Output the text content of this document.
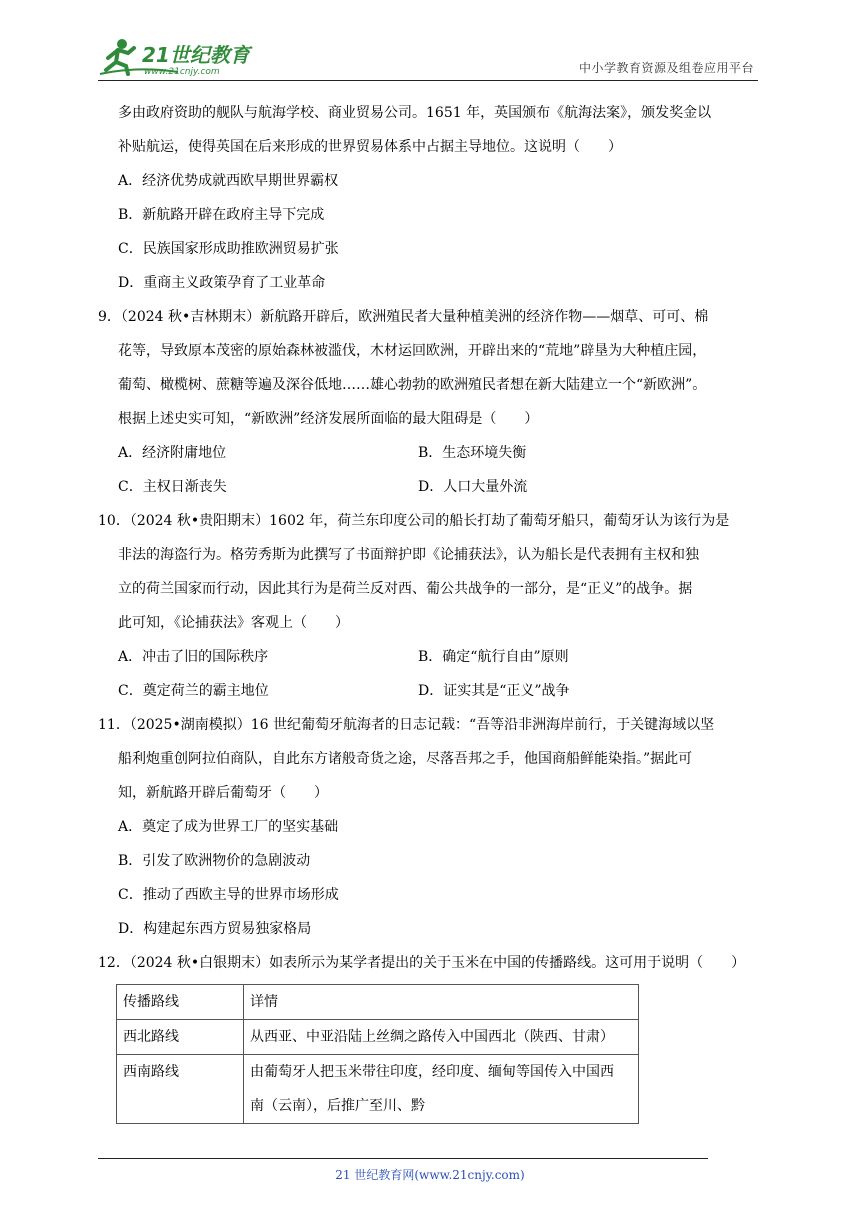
21世纪教育
www.21cnjy.com	中小学教育资源及组卷应用平台
多由政府资助的舰队与航海学校、商业贸易公司。1651 年，英国颁布《航海法案》，颁发奖金以
补贴航运，使得英国在后来形成的世界贸易体系中占据主导地位。这说明（　　）
A．经济优势成就西欧早期世界霸权
B．新航路开辟在政府主导下完成
C．民族国家形成助推欧洲贸易扩张
D．重商主义政策孕育了工业革命
9．（2024 秋•吉林期末）新航路开辟后，欧洲殖民者大量种植美洲的经济作物——烟草、可可、棉
花等，导致原本茂密的原始森林被滥伐，木材运回欧洲，开辟出来的“荒地”辟垦为大种植庄园，
葡萄、橄榄树、蔗糖等遍及深谷低地……雄心勃勃的欧洲殖民者想在新大陆建立一个“新欧洲”。
根据上述史实可知，“新欧洲”经济发展所面临的最大阻碍是（　　）
A．经济附庸地位	B．生态环境失衡
C．主权日渐丧失	D．人口大量外流
10．（2024 秋•贵阳期末）1602 年，荷兰东印度公司的船长打劫了葡萄牙船只，葡萄牙认为该行为是
非法的海盗行为。格劳秀斯为此撰写了书面辩护即《论捕获法》，认为船长是代表拥有主权和独
立的荷兰国家而行动，因此其行为是荷兰反对西、葡公共战争的一部分，是“正义”的战争。据
此可知，《论捕获法》客观上（　　）
A．冲击了旧的国际秩序	B．确定“航行自由”原则
C．奠定荷兰的霸主地位	D．证实其是“正义”战争
11．（2025•湖南模拟）16 世纪葡萄牙航海者的日志记载：“吾等沿非洲海岸前行，于关键海域以坚
船利炮重创阿拉伯商队，自此东方诸般奇货之途，尽落吾邦之手，他国商船鲜能染指。”据此可
知，新航路开辟后葡萄牙（　　）
A．奠定了成为世界工厂的坚实基础
B．引发了欧洲物价的急剧波动
C．推动了西欧主导的世界市场形成
D．构建起东西方贸易独家格局
12．（2024 秋•白银期末）如表所示为某学者提出的关于玉米在中国的传播路线。这可用于说明（　　）
传播路线	详情
西北路线	从西亚、中亚沿陆上丝绸之路传入中国西北（陕西、甘肃）
西南路线	由葡萄牙人把玉米带往印度，经印度、缅甸等国传入中国西
南（云南），后推广至川、黔
21 世纪教育网(www.21cnjy.com)
